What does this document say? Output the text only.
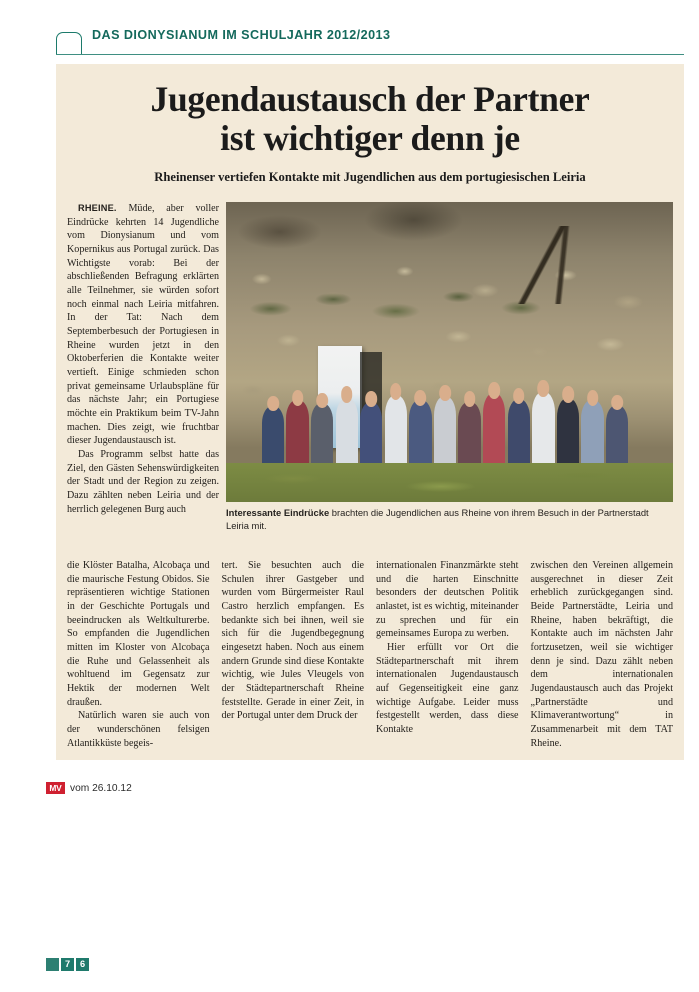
DAS DIONYSIANUM IM SCHULJAHR 2012/2013
Jugendaustausch der Partner
ist wichtiger denn je

Rheinenser vertiefen Kontakte mit Jugendlichen aus dem portugiesischen Leiria

RHEINE. Müde, aber voller Eindrücke kehrten 14 Jugendliche vom Dionysianum und vom Kopernikus aus Portugal zurück. Das Wichtigste vorab: Bei der abschließenden Befragung erklärten alle Teilnehmer, sie würden sofort noch einmal nach Leiria mitfahren. In der Tat: Nach dem Septemberbesuch der Portugiesen in Rheine wurden jetzt in den Oktoberferien die Kontakte weiter vertieft. Einige schmieden schon privat gemeinsame Urlaubspläne für das nächste Jahr; ein Portugiese möchte ein Praktikum beim TV-Jahn machen. Dies zeigt, wie fruchtbar dieser Jugendaustausch ist.

Das Programm selbst hatte das Ziel, den Gästen Sehenswürdigkeiten der Stadt und der Region zu zeigen. Dazu zählten neben Leiria und der herrlich gelegenen Burg auch	Interessante Eindrücke brachten die Jugendlichen aus Rheine von ihrem Besuch in der Partnerstadt Leiria mit.

die Klöster Batalha, Alcobaça und die maurische Festung Obidos. Sie repräsentieren wichtige Stationen in der Geschichte Portugals und beeindrucken als Weltkulturerbe. So empfanden die Jugendlichen mitten im Kloster von Alcobaça die Ruhe und Gelassenheit als wohltuend im Gegensatz zur Hektik der modernen Welt draußen.

Natürlich waren sie auch von der wunderschönen felsigen Atlantikküste begeis-

tert. Sie besuchten auch die Schulen ihrer Gastgeber und wurden vom Bürgermeister Raul Castro herzlich empfangen. Es bedankte sich bei ihnen, weil sie sich für die Jugendbegegnung eingesetzt haben. Noch aus einem andern Grunde sind diese Kontakte wichtig, wie Jules Vleugels von der Städtepartnerschaft Rheine feststellte. Gerade in einer Zeit, in der Portugal unter dem Druck der

internationalen Finanzmärkte steht und die harten Einschnitte besonders der deutschen Politik anlastet, ist es wichtig, miteinander zu sprechen und für ein gemeinsames Europa zu werben.

Hier erfüllt vor Ort die Städtepartnerschaft mit ihrem internationalen Jugendaustausch auf Gegenseitigkeit eine ganz wichtige Aufgabe. Leider muss festgestellt werden, dass diese Kontakte

zwischen den Vereinen allgemein ausgerechnet in dieser Zeit erheblich zurückgegangen sind. Beide Partnerstädte, Leiria und Rheine, haben bekräftigt, die Kontakte auch im nächsten Jahr fortzusetzen, weil sie wichtiger denn je sind. Dazu zählt neben dem internationalen Jugendaustausch auch das Projekt „Partnerstädte und Klimaverantwortung“ in Zusammenarbeit mit dem TAT Rheine.

MV vom 26.10.12
7	6
